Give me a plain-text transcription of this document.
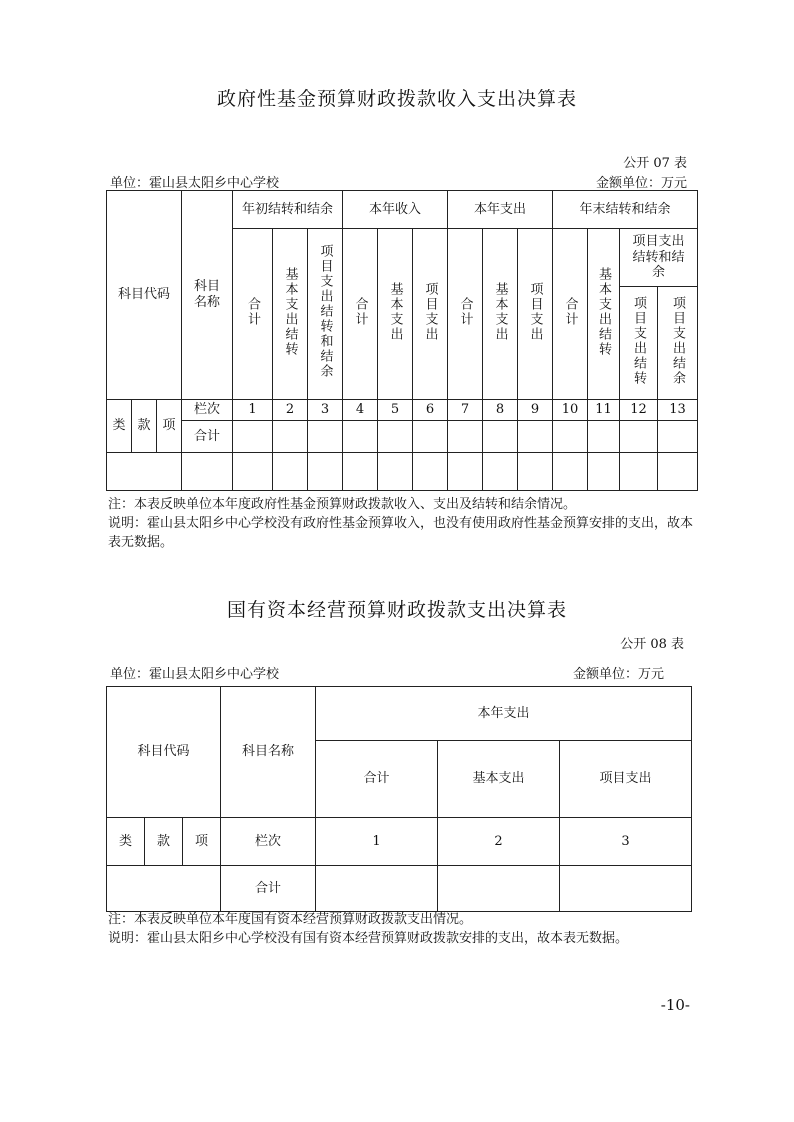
政府性基金预算财政拨款收入支出决算表
公开 07 表
单位：霍山县太阳乡中心学校	金额单位：万元
科目代码			科目名称	年初结转和结余			本年收入			本年支出			年末结转和结余			
				合计	基本支出结转	项目支出结转和结余	合计	基本支出	项目支出	合计	基本支出	项目支出	合计	基本支出结转	项目支出结转和结余	
															项目支出结转	项目支出结余

类	款	项	栏次	1	2	3	4	5	6	7	8	9	10	11	12	13
			合计													

注：本表反映单位本年度政府性基金预算财政拨款收入、支出及结转和结余情况。
说明：霍山县太阳乡中心学校没有政府性基金预算收入，也没有使用政府性基金预算安排的支出，故本表无数据。
国有资本经营预算财政拨款支出决算表
公开 08 表
单位：霍山县太阳乡中心学校	金额单位：万元
科目代码			科目名称	本年支出		
				合计	基本支出	项目支出
类	款	项	栏次	1	2	3
			合计			
注：本表反映单位本年度国有资本经营预算财政拨款支出情况。
说明：霍山县太阳乡中心学校没有国有资本经营预算财政拨款安排的支出，故本表无数据。
-10-
